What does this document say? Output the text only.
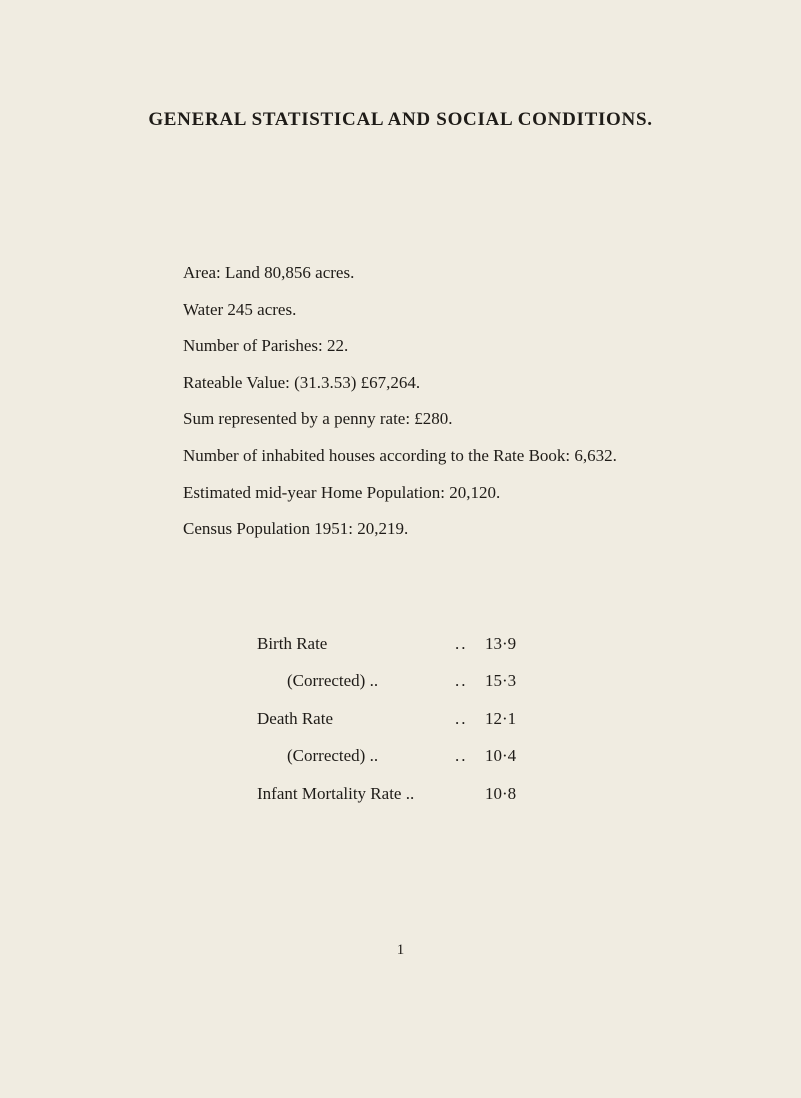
GENERAL STATISTICAL AND SOCIAL CONDITIONS.
Area: Land 80,856 acres.
Water 245 acres.
Number of Parishes: 22.
Rateable Value: (31.3.53) £67,264.
Sum represented by a penny rate: £280.
Number of inhabited houses according to the Rate Book: 6,632.
Estimated mid-year Home Population: 20,120.
Census Population 1951: 20,219.
Birth Rate	..	13·9
(Corrected) ..	..	15·3
Death Rate	..	12·1
(Corrected) ..	..	10·4
Infant Mortality Rate ..		10·8
1
